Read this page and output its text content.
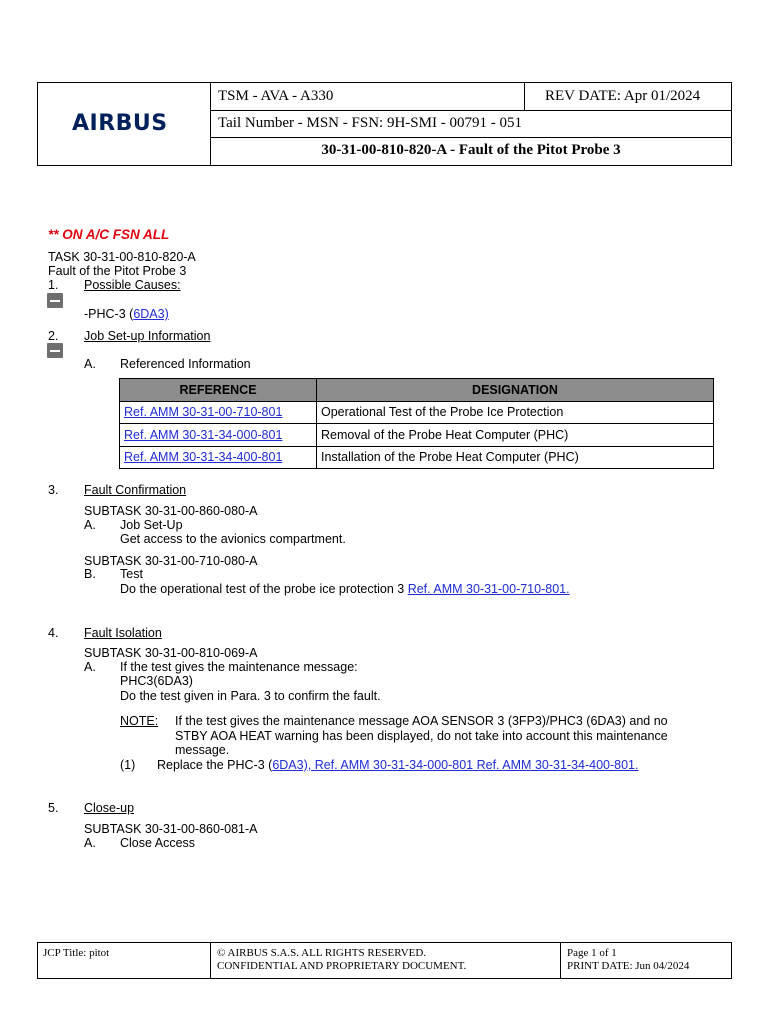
AIRBUS
TSM - AVA - A330	REV DATE: Apr 01/2024
Tail Number - MSN - FSN: 9H-SMI - 00791 - 051
30-31-00-810-820-A - Fault of the Pitot Probe 3
** ON A/C FSN ALL
TASK 30-31-00-810-820-A
Fault of the Pitot Probe 3
1. Possible Causes:
-PHC-3 (6DA3)
2. Job Set-up Information
A. Referenced Information
REFERENCE	DESIGNATION
Ref. AMM 30-31-00-710-801	Operational Test of the Probe Ice Protection
Ref. AMM 30-31-34-000-801	Removal of the Probe Heat Computer (PHC)
Ref. AMM 30-31-34-400-801	Installation of the Probe Heat Computer (PHC)
3. Fault Confirmation
SUBTASK 30-31-00-860-080-A
A. Job Set-Up
Get access to the avionics compartment.
SUBTASK 30-31-00-710-080-A
B. Test
Do the operational test of the probe ice protection 3 Ref. AMM 30-31-00-710-801.
4. Fault Isolation
SUBTASK 30-31-00-810-069-A
A. If the test gives the maintenance message:
PHC3(6DA3)
Do the test given in Para. 3 to confirm the fault.
NOTE: If the test gives the maintenance message AOA SENSOR 3 (3FP3)/PHC3 (6DA3) and no
STBY AOA HEAT warning has been displayed, do not take into account this maintenance
message.
(1) Replace the PHC-3 (6DA3), Ref. AMM 30-31-34-000-801 Ref. AMM 30-31-34-400-801.
5. Close-up
SUBTASK 30-31-00-860-081-A
A. Close Access
JCP Title: pitot	© AIRBUS S.A.S. ALL RIGHTS RESERVED.
CONFIDENTIAL AND PROPRIETARY DOCUMENT.
Page 1 of 1
PRINT DATE: Jun 04/2024
